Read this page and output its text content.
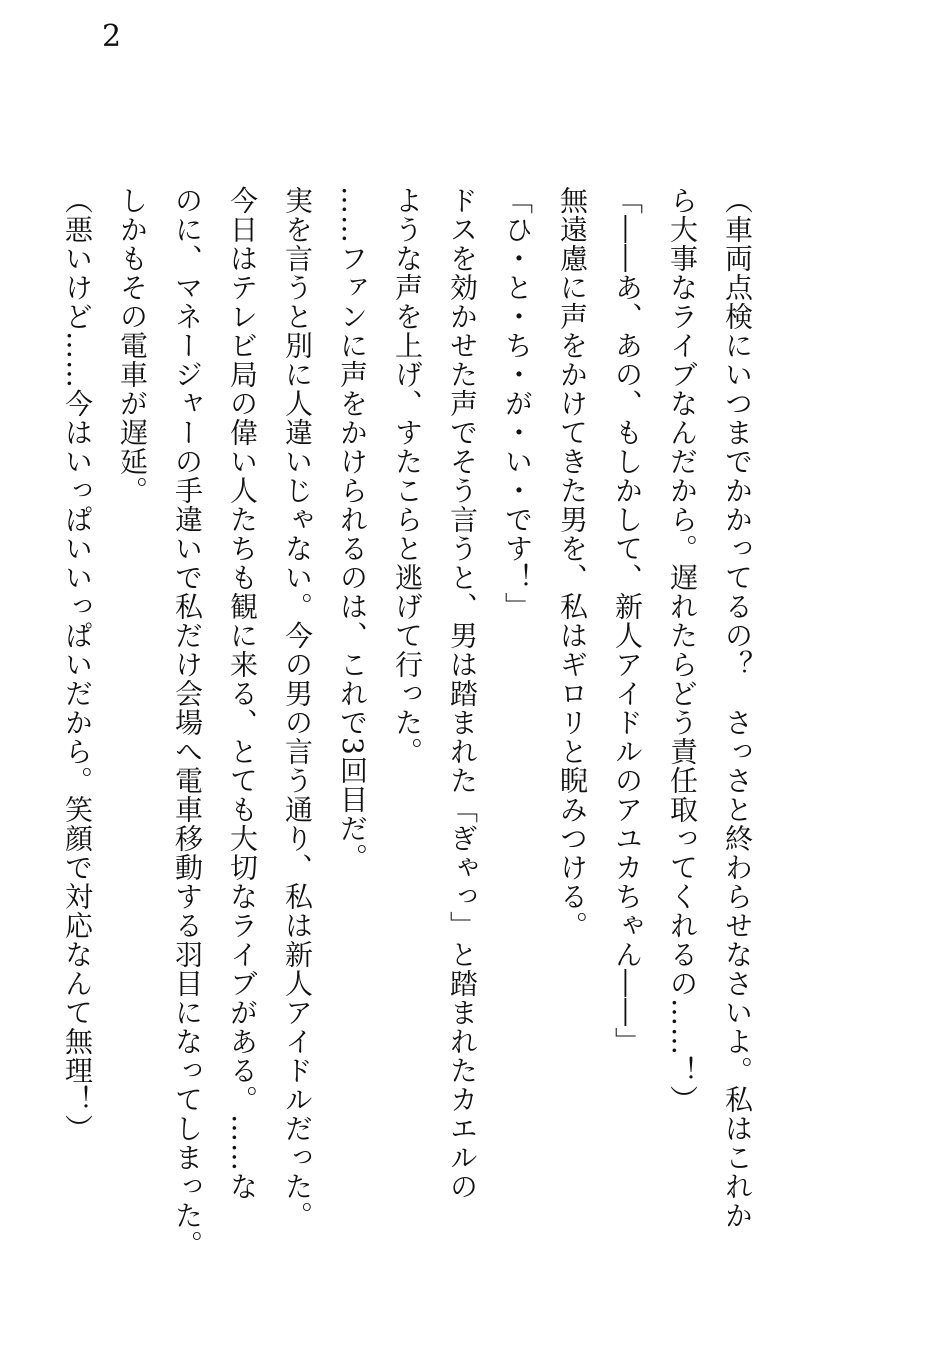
2
（車両点検にいつまでかかってるの？　さっさと終わらせなさいよ。私はこれか
ら大事なライブなんだから。遅れたらどう責任取ってくれるの……！）
「――あ、あの、もしかして、新人アイドルのアユカちゃん――」
無遠慮に声をかけてきた男を、私はギロリと睨みつける。
「ひ・と・ち・が・い・です！」
ドスを効かせた声でそう言うと、男は踏まれた「ぎゃっ」と踏まれたカエルの
ような声を上げ、すたこらと逃げて行った。
……ファンに声をかけられるのは、これで3回目だ。
実を言うと別に人違いじゃない。今の男の言う通り、私は新人アイドルだった。
今日はテレビ局の偉い人たちも観に来る、とても大切なライブがある。……な
のに、マネージャーの手違いで私だけ会場へ電車移動する羽目になってしまった。
しかもその電車が遅延。
（悪いけど……今はいっぱいいっぱいだから。笑顔で対応なんて無理！）
